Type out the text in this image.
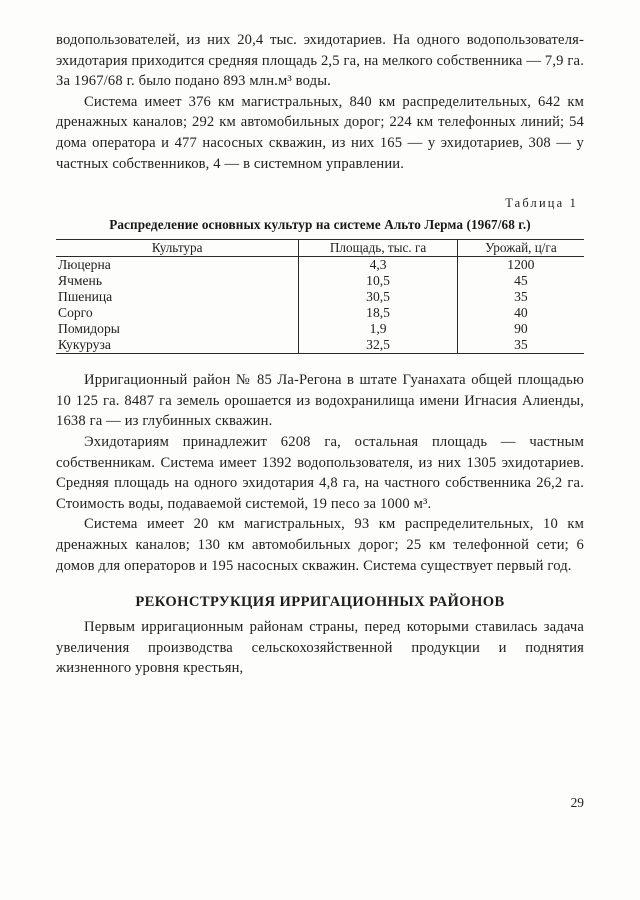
водопользователей, из них 20,4 тыс. эхидотариев. На одного водопользователя-эхидотария приходится средняя площадь 2,5 га, на мелкого собственника — 7,9 га. За 1967/68 г. было подано 893 млн.м³ воды.

Система имеет 376 км магистральных, 840 км распределительных, 642 км дренажных каналов; 292 км автомобильных дорог; 224 км телефонных линий; 54 дома оператора и 477 насосных скважин, из них 165 — у эхидотариев, 308 — у частных собственников, 4 — в системном управлении.

Таблица 1
Распределение основных культур на системе Альто Лерма (1967/68 г.)
Культура	Площадь, тыс. га	Урожай, ц/га
Люцерна	4,3	1200
Ячмень	10,5	45
Пшеница	30,5	35
Сорго	18,5	40
Помидоры	1,9	90
Кукуруза	32,5	35

Ирригационный район № 85 Ла-Регона в штате Гуанахата общей площадью 10 125 га. 8487 га земель орошается из водохранилища имени Игнасия Алиенды, 1638 га — из глубинных скважин.

Эхидотариям принадлежит 6208 га, остальная площадь — частным собственникам. Система имеет 1392 водопользователя, из них 1305 эхидотариев. Средняя площадь на одного эхидотария 4,8 га, на частного собственника 26,2 га. Стоимость воды, подаваемой системой, 19 песо за 1000 м³.

Система имеет 20 км магистральных, 93 км распределительных, 10 км дренажных каналов; 130 км автомобильных дорог; 25 км телефонной сети; 6 домов для операторов и 195 насосных скважин. Система существует первый год.

РЕКОНСТРУКЦИЯ ИРРИГАЦИОННЫХ РАЙОНОВ

Первым ирригационным районам страны, перед которыми ставилась задача увеличения производства сельскохозяйственной продукции и поднятия жизненного уровня крестьян,

29
